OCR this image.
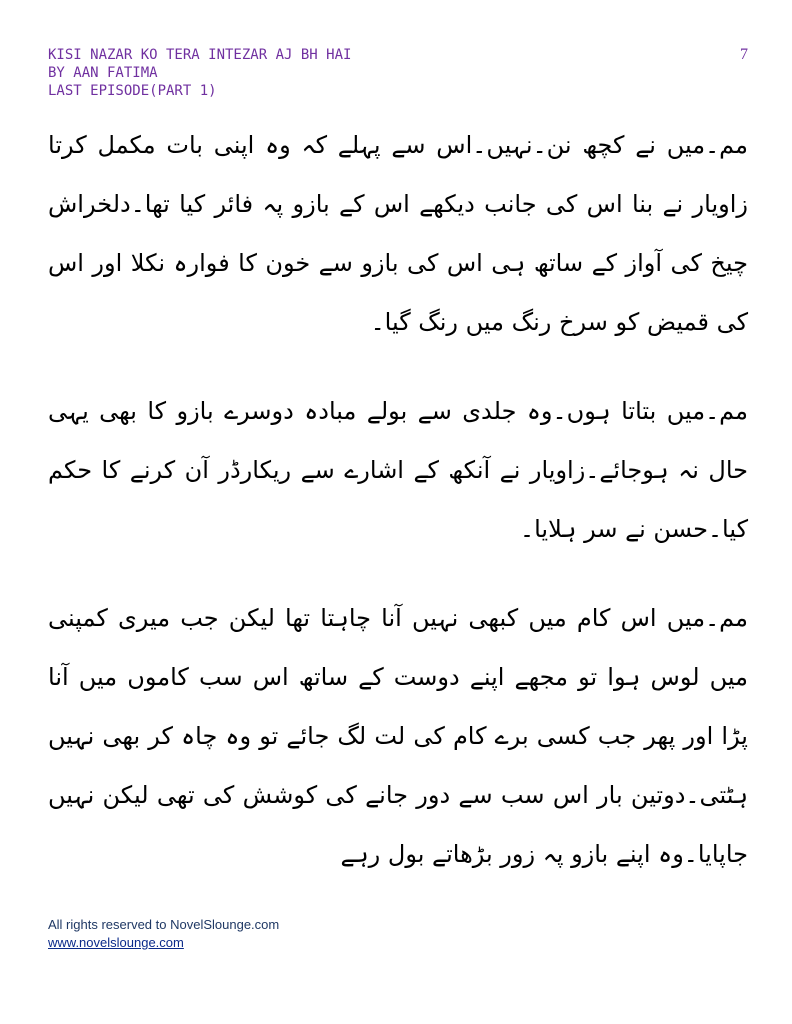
KISI NAZAR KO TERA INTEZAR AJ BH HAI
BY AAN FATIMA
LAST EPISODE(PART 1)
7

مم۔میں نے کچھ نن۔نہیں۔اس سے پہلے کہ وہ اپنی بات مکمل کرتا زاویار نے بنا اس کی جانب دیکھے اس کے بازو پہ فائر کیا تھا۔دلخراش چیخ کی آواز کے ساتھ ہی اس کی بازو سے خون کا فوارہ نکلا اور اس کی قمیض کو سرخ رنگ میں رنگ گیا۔

مم۔میں بتاتا ہوں۔وہ جلدی سے بولے مبادہ دوسرے بازو کا بھی یہی حال نہ ہوجائے۔زاویار نے آنکھ کے اشارے سے ریکارڈر آن کرنے کا حکم کیا۔حسن نے سر ہلایا۔

مم۔میں اس کام میں کبھی نہیں آنا چاہتا تھا لیکن جب میری کمپنی میں لوس ہوا تو مجھے اپنے دوست کے ساتھ اس سب کاموں میں آنا پڑا اور پھر جب کسی برے کام کی لت لگ جائے تو وہ چاہ کر بھی نہیں ہٹتی۔دوتین بار اس سب سے دور جانے کی کوشش کی تھی لیکن نہیں جاپایا۔وہ اپنے بازو پہ زور بڑھاتے بول رہے

All rights reserved to NovelSlounge.com
www.novelslounge.com
